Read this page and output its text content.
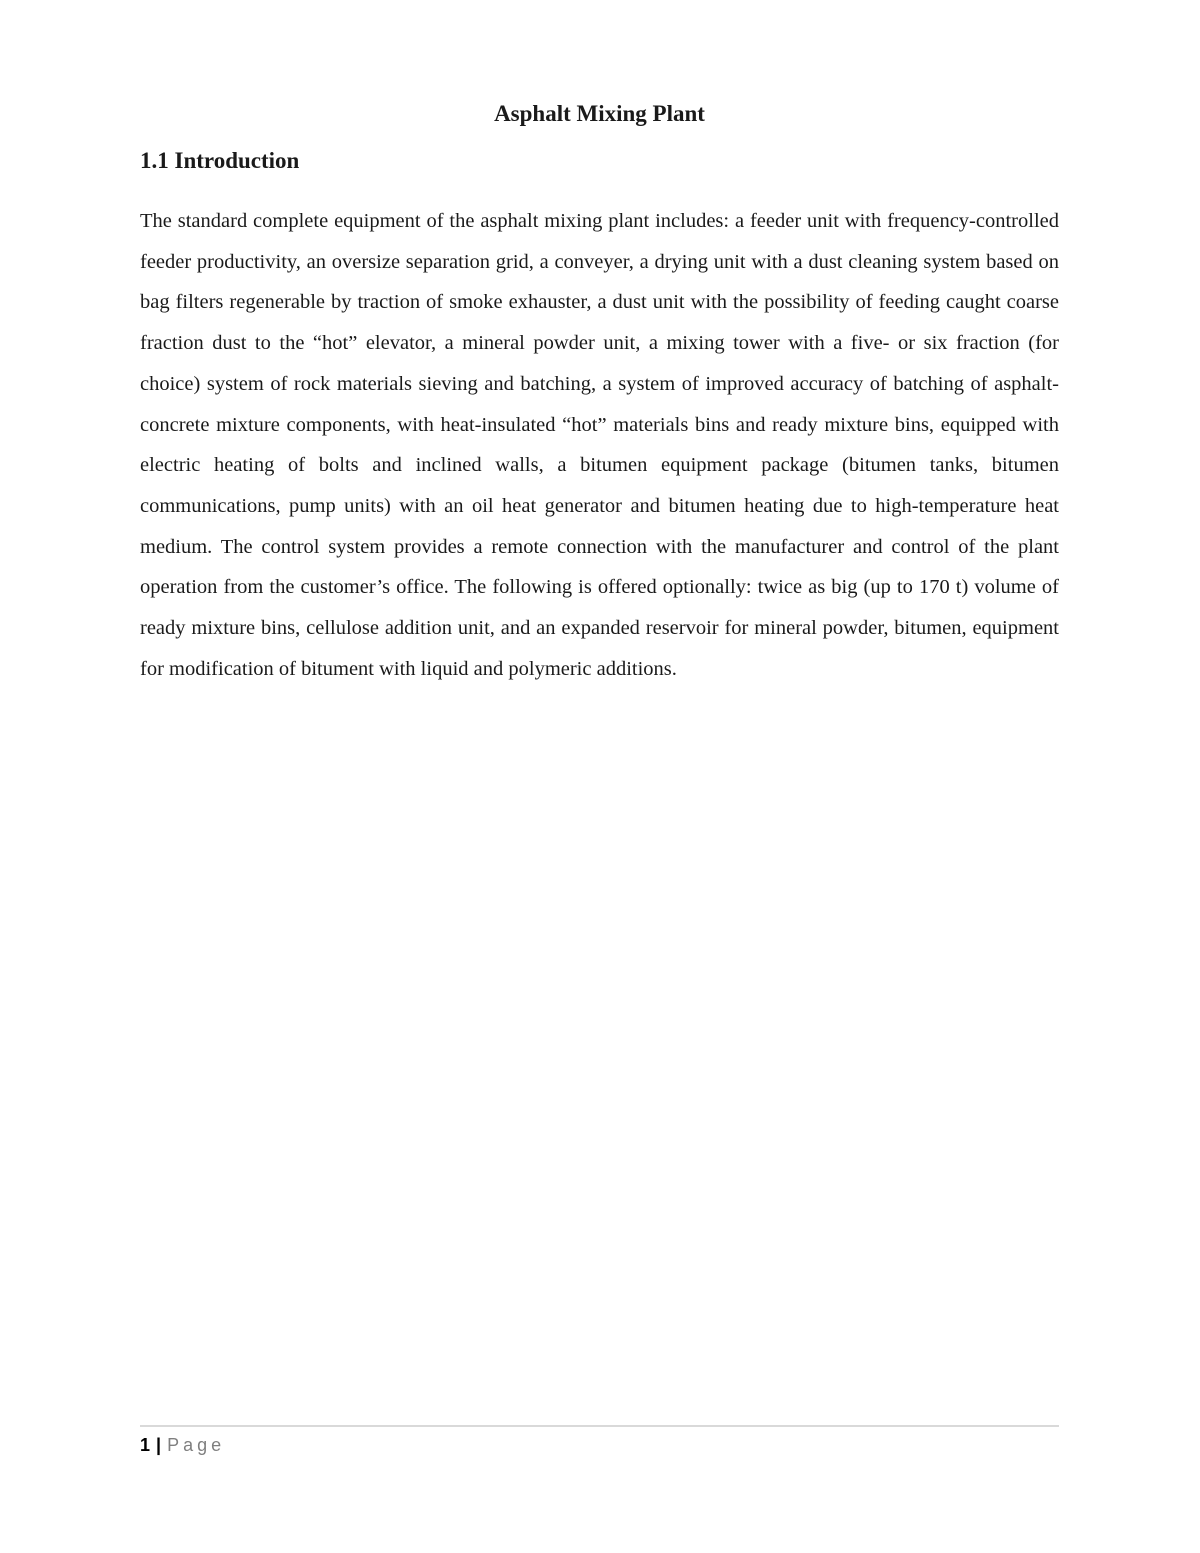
Asphalt Mixing Plant
1.1 Introduction

The standard complete equipment of the asphalt mixing plant includes: a feeder unit with frequency-controlled feeder productivity, an oversize separation grid, a conveyer, a drying unit with a dust cleaning system based on bag filters regenerable by traction of smoke exhauster, a dust unit with the possibility of feeding caught coarse fraction dust to the “hot” elevator, a mineral powder unit, a mixing tower with a five- or six fraction (for choice) system of rock materials sieving and batching, a system of improved accuracy of batching of asphalt-concrete mixture components, with heat-insulated “hot” materials bins and ready mixture bins, equipped with electric heating of bolts and inclined walls, a bitumen equipment package (bitumen tanks, bitumen communications, pump units) with an oil heat generator and bitumen heating due to high-temperature heat medium. The control system provides a remote connection with the manufacturer and control of the plant operation from the customer’s office. The following is offered optionally: twice as big (up to 170 t) volume of ready mixture bins, cellulose addition unit, and an expanded reservoir for mineral powder, bitumen, equipment for modification of bitument with liquid and polymeric additions.

1 | Page
